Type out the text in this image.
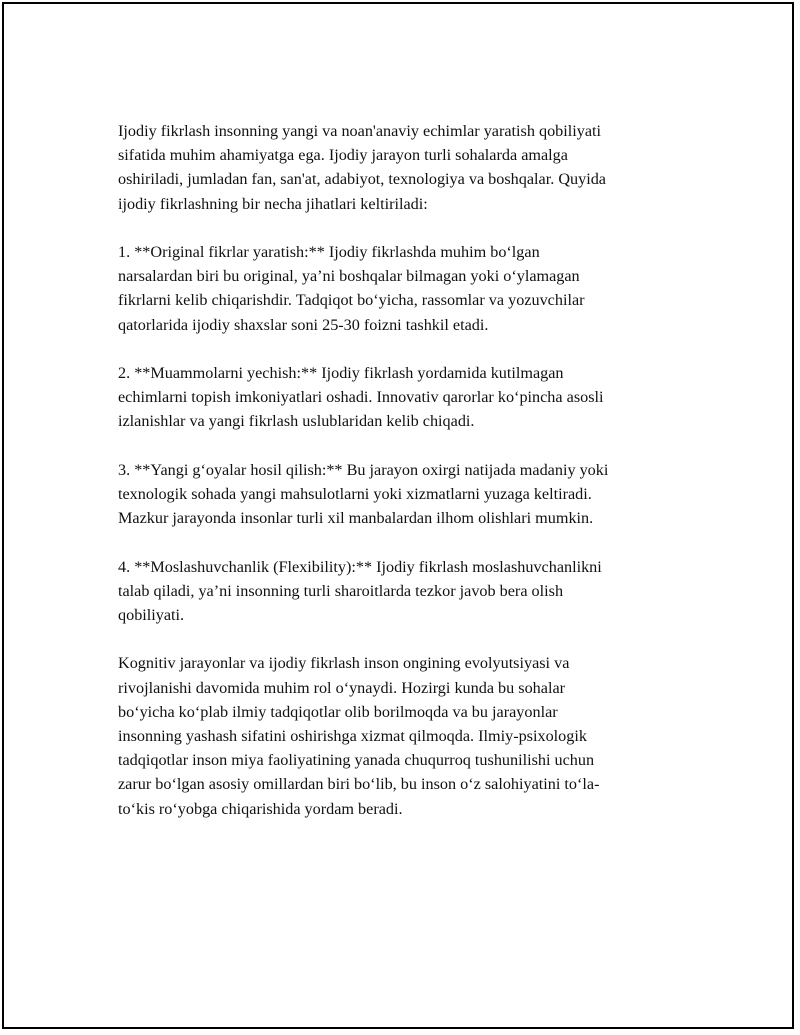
Ijodiy fikrlash insonning yangi va noan'anaviy echimlar yaratish qobiliyati
sifatida muhim ahamiyatga ega. Ijodiy jarayon turli sohalarda amalga
oshiriladi, jumladan fan, san'at, adabiyot, texnologiya va boshqalar. Quyida
ijodiy fikrlashning bir necha jihatlari keltiriladi:

1. **Original fikrlar yaratish:** Ijodiy fikrlashda muhim bo‘lgan
narsalardan biri bu original, ya’ni boshqalar bilmagan yoki o‘ylamagan
fikrlarni kelib chiqarishdir. Tadqiqot bo‘yicha, rassomlar va yozuvchilar
qatorlarida ijodiy shaxslar soni 25-30 foizni tashkil etadi.

2. **Muammolarni yechish:** Ijodiy fikrlash yordamida kutilmagan
echimlarni topish imkoniyatlari oshadi. Innovativ qarorlar ko‘pincha asosli
izlanishlar va yangi fikrlash uslublaridan kelib chiqadi.

3. **Yangi g‘oyalar hosil qilish:** Bu jarayon oxirgi natijada madaniy yoki
texnologik sohada yangi mahsulotlarni yoki xizmatlarni yuzaga keltiradi.
Mazkur jarayonda insonlar turli xil manbalardan ilhom olishlari mumkin.

4. **Moslashuvchanlik (Flexibility):** Ijodiy fikrlash moslashuvchanlikni
talab qiladi, ya’ni insonning turli sharoitlarda tezkor javob bera olish
qobiliyati.

Kognitiv jarayonlar va ijodiy fikrlash inson ongining evolyutsiyasi va
rivojlanishi davomida muhim rol o‘ynaydi. Hozirgi kunda bu sohalar
bo‘yicha ko‘plab ilmiy tadqiqotlar olib borilmoqda va bu jarayonlar
insonning yashash sifatini oshirishga xizmat qilmoqda. Ilmiy-psixologik
tadqiqotlar inson miya faoliyatining yanada chuqurroq tushunilishi uchun
zarur bo‘lgan asosiy omillardan biri bo‘lib, bu inson o‘z salohiyatini to‘la-
to‘kis ro‘yobga chiqarishida yordam beradi.
